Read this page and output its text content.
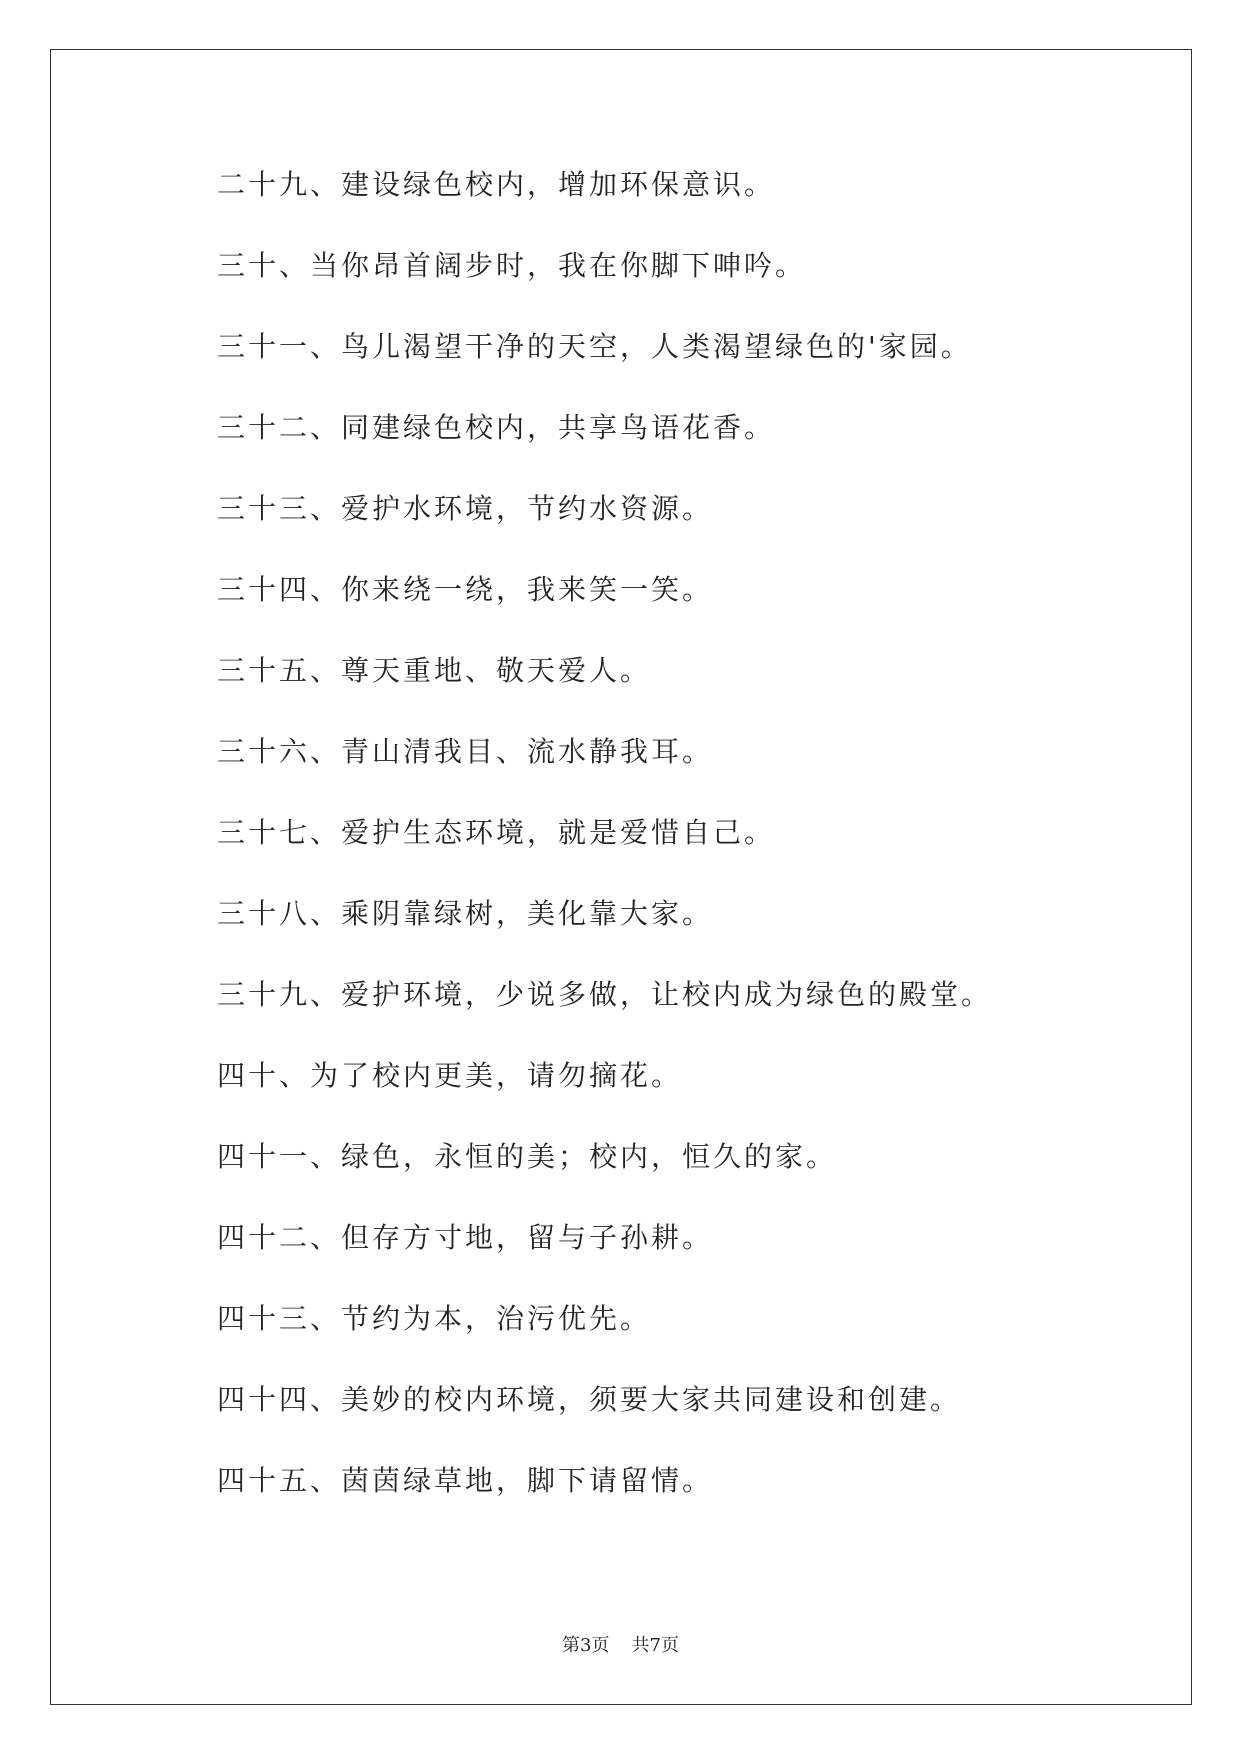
二十九、建设绿色校内，增加环保意识。
三十、当你昂首阔步时，我在你脚下呻吟。
三十一、鸟儿渴望干净的天空，人类渴望绿色的'家园。
三十二、同建绿色校内，共享鸟语花香。
三十三、爱护水环境，节约水资源。
三十四、你来绕一绕，我来笑一笑。
三十五、尊天重地、敬天爱人。
三十六、青山清我目、流水静我耳。
三十七、爱护生态环境，就是爱惜自己。
三十八、乘阴靠绿树，美化靠大家。
三十九、爱护环境，少说多做，让校内成为绿色的殿堂。
四十、为了校内更美，请勿摘花。
四十一、绿色，永恒的美；校内，恒久的家。
四十二、但存方寸地，留与子孙耕。
四十三、节约为本，治污优先。
四十四、美妙的校内环境，须要大家共同建设和创建。
四十五、茵茵绿草地，脚下请留情。
第3页 共7页
